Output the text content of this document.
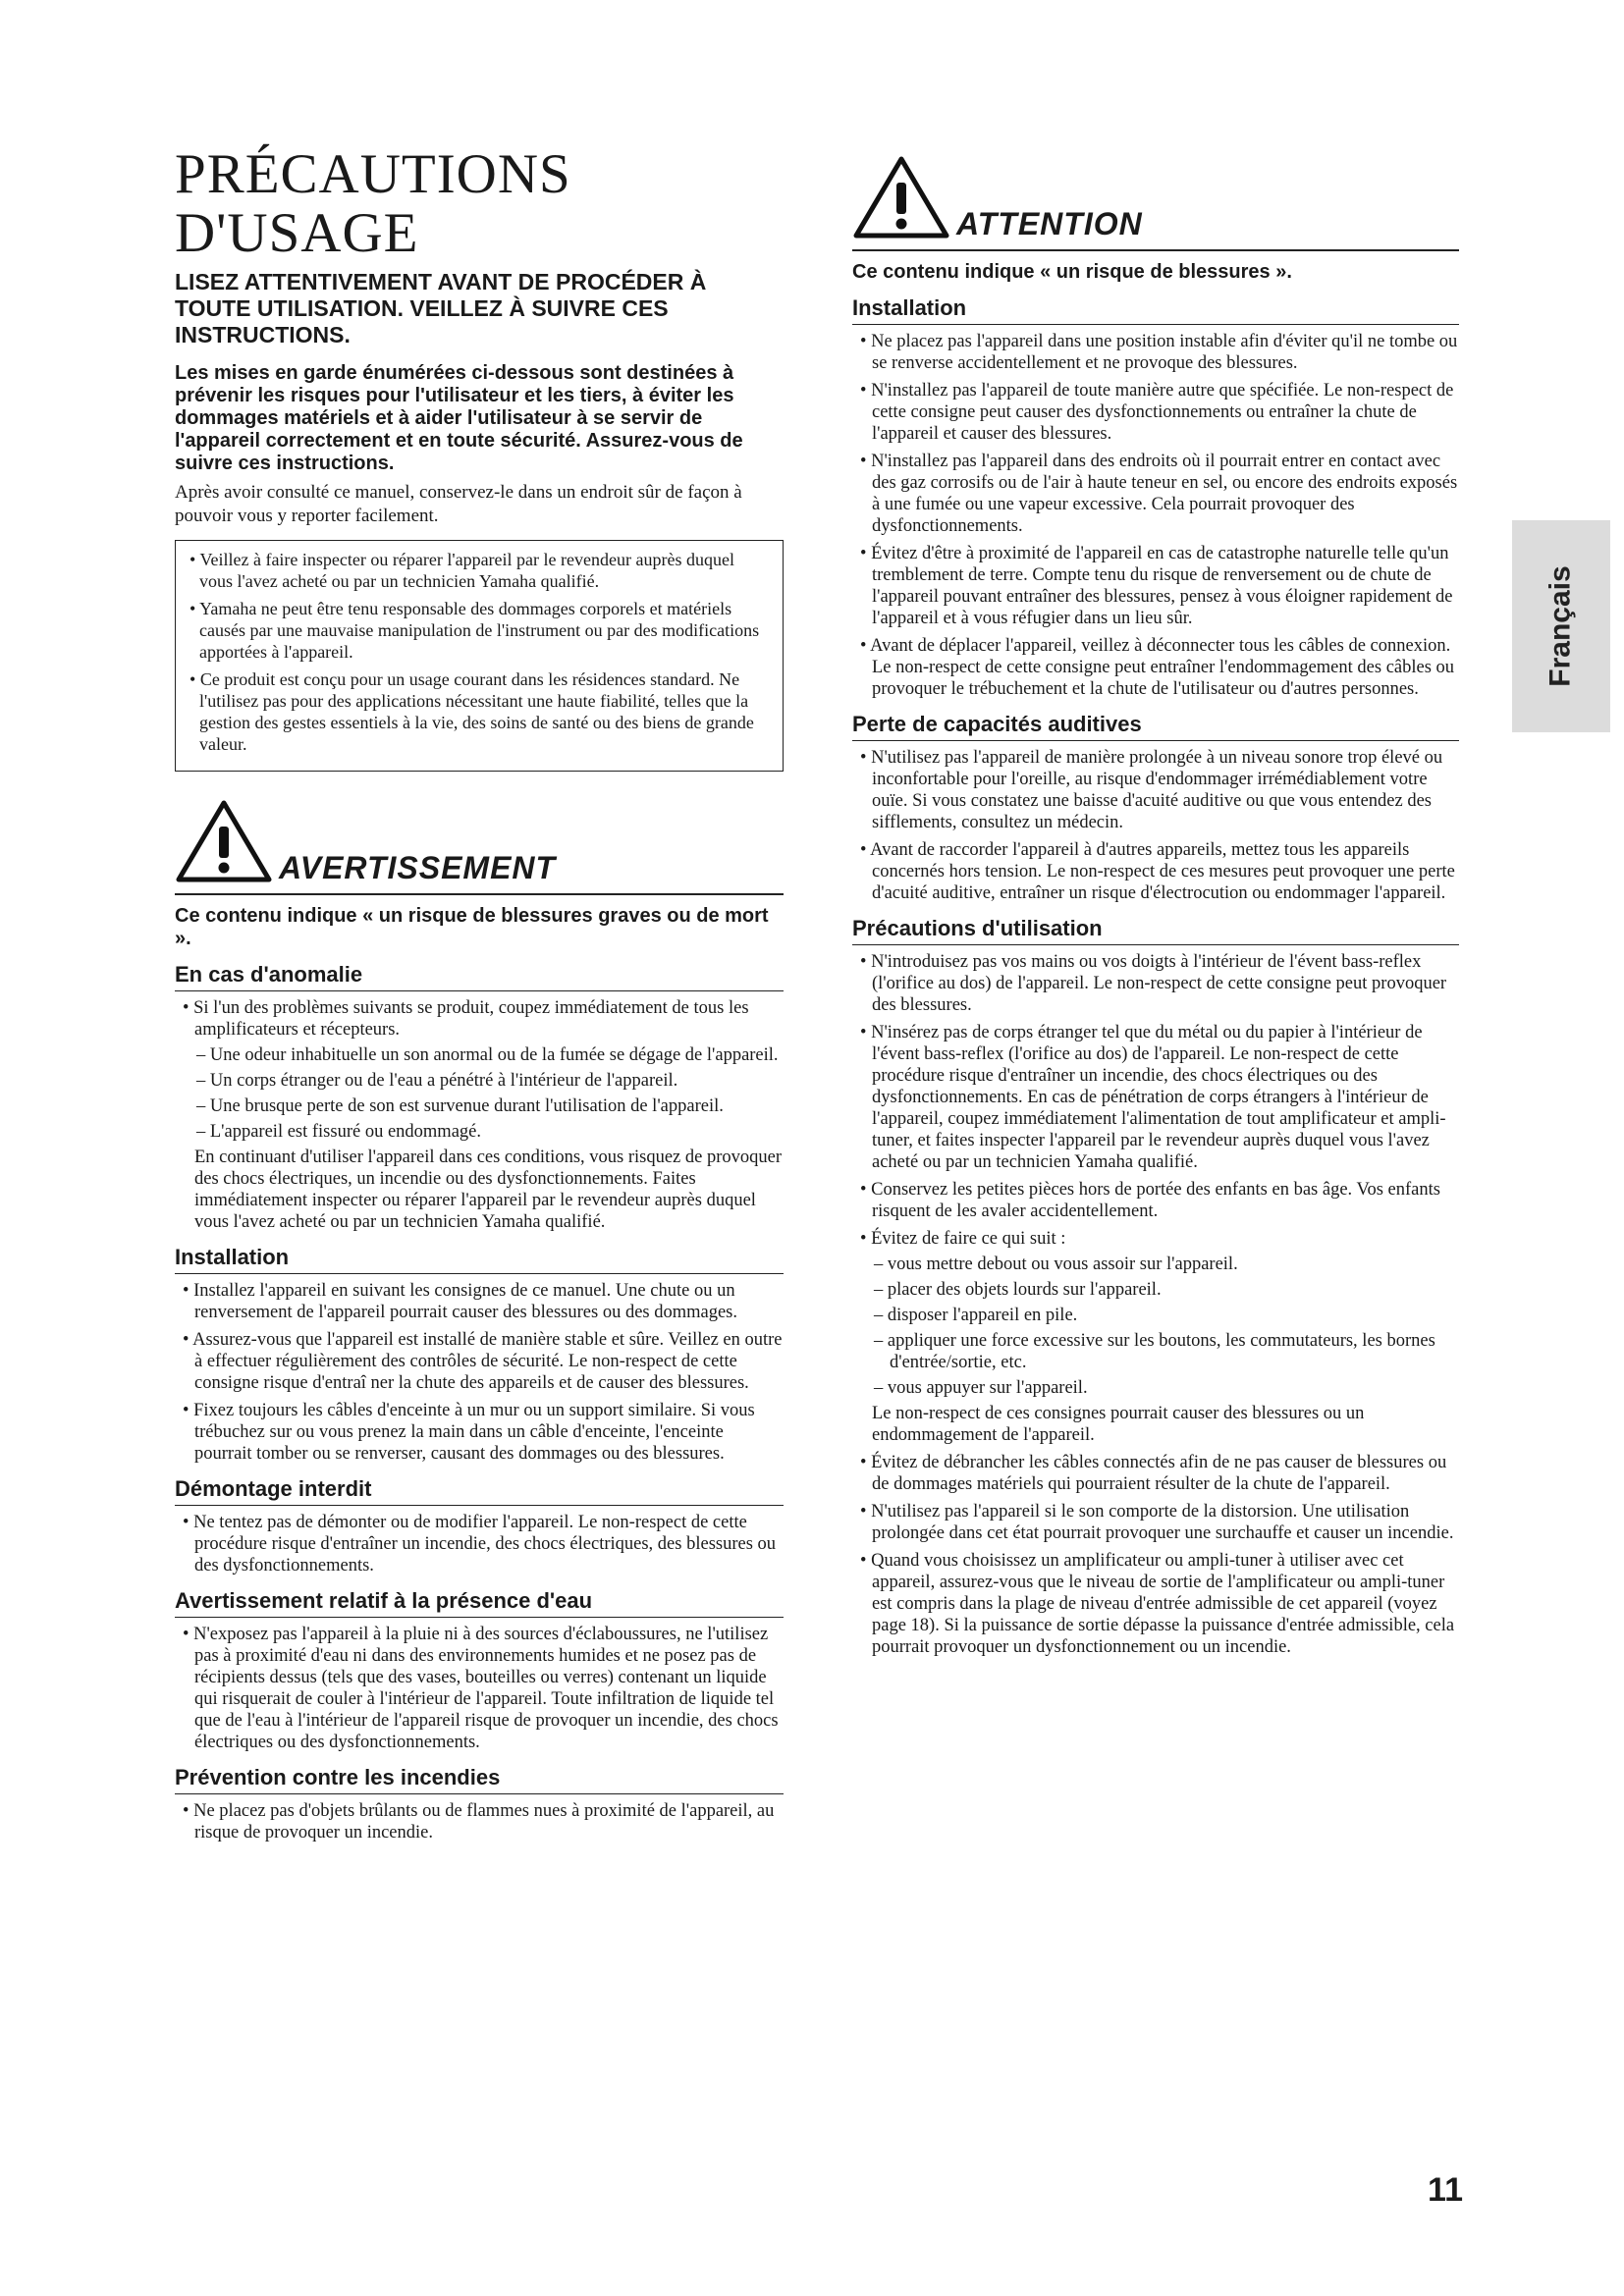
PRÉCAUTIONS D'USAGE

LISEZ ATTENTIVEMENT AVANT DE PROCÉDER À TOUTE UTILISATION. VEILLEZ À SUIVRE CES INSTRUCTIONS.

Les mises en garde énumérées ci-dessous sont destinées à prévenir les risques pour l'utilisateur et les tiers, à éviter les dommages matériels et à aider l'utilisateur à se servir de l'appareil correctement et en toute sécurité. Assurez-vous de suivre ces instructions.

Après avoir consulté ce manuel, conservez-le dans un endroit sûr de façon à pouvoir vous y reporter facilement.

• Veillez à faire inspecter ou réparer l'appareil par le revendeur auprès duquel vous l'avez acheté ou par un technicien Yamaha qualifié.
• Yamaha ne peut être tenu responsable des dommages corporels et matériels causés par une mauvaise manipulation de l'instrument ou par des modifications apportées à l'appareil.
• Ce produit est conçu pour un usage courant dans les résidences standard. Ne l'utilisez pas pour des applications nécessitant une haute fiabilité, telles que la gestion des gestes essentiels à la vie, des soins de santé ou des biens de grande valeur.
AVERTISSEMENT

Ce contenu indique « un risque de blessures graves ou de mort ».

En cas d'anomalie
• Si l'un des problèmes suivants se produit, coupez immédiatement de tous les amplificateurs et récepteurs.
– Une odeur inhabituelle un son anormal ou de la fumée se dégage de l'appareil.
– Un corps étranger ou de l'eau a pénétré à l'intérieur de l'appareil.
– Une brusque perte de son est survenue durant l'utilisation de l'appareil.
– L'appareil est fissuré ou endommagé.
En continuant d'utiliser l'appareil dans ces conditions, vous risquez de provoquer des chocs électriques, un incendie ou des dysfonctionnements. Faites immédiatement inspecter ou réparer l'appareil par le revendeur auprès duquel vous l'avez acheté ou par un technicien Yamaha qualifié.
Installation
• Installez l'appareil en suivant les consignes de ce manuel. Une chute ou un renversement de l'appareil pourrait causer des blessures ou des dommages.
• Assurez-vous que l'appareil est installé de manière stable et sûre. Veillez en outre à effectuer régulièrement des contrôles de sécurité. Le non-respect de cette consigne risque d'entraî ner la chute des appareils et de causer des blessures.
• Fixez toujours les câbles d'enceinte à un mur ou un support similaire. Si vous trébuchez sur ou vous prenez la main dans un câble d'enceinte, l'enceinte pourrait tomber ou se renverser, causant des dommages ou des blessures.
Démontage interdit
• Ne tentez pas de démonter ou de modifier l'appareil. Le non-respect de cette procédure risque d'entraîner un incendie, des chocs électriques, des blessures ou des dysfonctionnements.
Avertissement relatif à la présence d'eau
• N'exposez pas l'appareil à la pluie ni à des sources d'éclaboussures, ne l'utilisez pas à proximité d'eau ni dans des environnements humides et ne posez pas de récipients dessus (tels que des vases, bouteilles ou verres) contenant un liquide qui risquerait de couler à l'intérieur de l'appareil. Toute infiltration de liquide tel que de l'eau à l'intérieur de l'appareil risque de provoquer un incendie, des chocs électriques ou des dysfonctionnements.
Prévention contre les incendies
• Ne placez pas d'objets brûlants ou de flammes nues à proximité de l'appareil, au risque de provoquer un incendie.
ATTENTION

Ce contenu indique « un risque de blessures ».

Installation
• Ne placez pas l'appareil dans une position instable afin d'éviter qu'il ne tombe ou se renverse accidentellement et ne provoque des blessures.
• N'installez pas l'appareil de toute manière autre que spécifiée. Le non-respect de cette consigne peut causer des dysfonctionnements ou entraîner la chute de l'appareil et causer des blessures.
• N'installez pas l'appareil dans des endroits où il pourrait entrer en contact avec des gaz corrosifs ou de l'air à haute teneur en sel, ou encore des endroits exposés à une fumée ou une vapeur excessive. Cela pourrait provoquer des dysfonctionnements.
• Évitez d'être à proximité de l'appareil en cas de catastrophe naturelle telle qu'un tremblement de terre. Compte tenu du risque de renversement ou de chute de l'appareil pouvant entraîner des blessures, pensez à vous éloigner rapidement de l'appareil et à vous réfugier dans un lieu sûr.
• Avant de déplacer l'appareil, veillez à déconnecter tous les câbles de connexion. Le non-respect de cette consigne peut entraîner l'endommagement des câbles ou provoquer le trébuchement et la chute de l'utilisateur ou d'autres personnes.
Perte de capacités auditives
• N'utilisez pas l'appareil de manière prolongée à un niveau sonore trop élevé ou inconfortable pour l'oreille, au risque d'endommager irrémédiablement votre ouïe. Si vous constatez une baisse d'acuité auditive ou que vous entendez des sifflements, consultez un médecin.
• Avant de raccorder l'appareil à d'autres appareils, mettez tous les appareils concernés hors tension. Le non-respect de ces mesures peut provoquer une perte d'acuité auditive, entraîner un risque d'électrocution ou endommager l'appareil.
Précautions d'utilisation
• N'introduisez pas vos mains ou vos doigts à l'intérieur de l'évent bass-reflex (l'orifice au dos) de l'appareil. Le non-respect de cette consigne peut provoquer des blessures.
• N'insérez pas de corps étranger tel que du métal ou du papier à l'intérieur de l'évent bass-reflex (l'orifice au dos) de l'appareil. Le non-respect de cette procédure risque d'entraîner un incendie, des chocs électriques ou des dysfonctionnements. En cas de pénétration de corps étrangers à l'intérieur de l'appareil, coupez immédiatement l'alimentation de tout amplificateur et ampli-tuner, et faites inspecter l'appareil par le revendeur auprès duquel vous l'avez acheté ou par un technicien Yamaha qualifié.
• Conservez les petites pièces hors de portée des enfants en bas âge. Vos enfants risquent de les avaler accidentellement.
• Évitez de faire ce qui suit :
– vous mettre debout ou vous assoir sur l'appareil.
– placer des objets lourds sur l'appareil.
– disposer l'appareil en pile.
– appliquer une force excessive sur les boutons, les commutateurs, les bornes d'entrée/sortie, etc.
– vous appuyer sur l'appareil.
Le non-respect de ces consignes pourrait causer des blessures ou un endommagement de l'appareil.
• Évitez de débrancher les câbles connectés afin de ne pas causer de blessures ou de dommages matériels qui pourraient résulter de la chute de l'appareil.
• N'utilisez pas l'appareil si le son comporte de la distorsion. Une utilisation prolongée dans cet état pourrait provoquer une surchauffe et causer un incendie.
• Quand vous choisissez un amplificateur ou ampli-tuner à utiliser avec cet appareil, assurez-vous que le niveau de sortie de l'amplificateur ou ampli-tuner est compris dans la plage de niveau d'entrée admissible de cet appareil (voyez page 18). Si la puissance de sortie dépasse la puissance d'entrée admissible, cela pourrait provoquer un dysfonctionnement ou un incendie.
Français
11
